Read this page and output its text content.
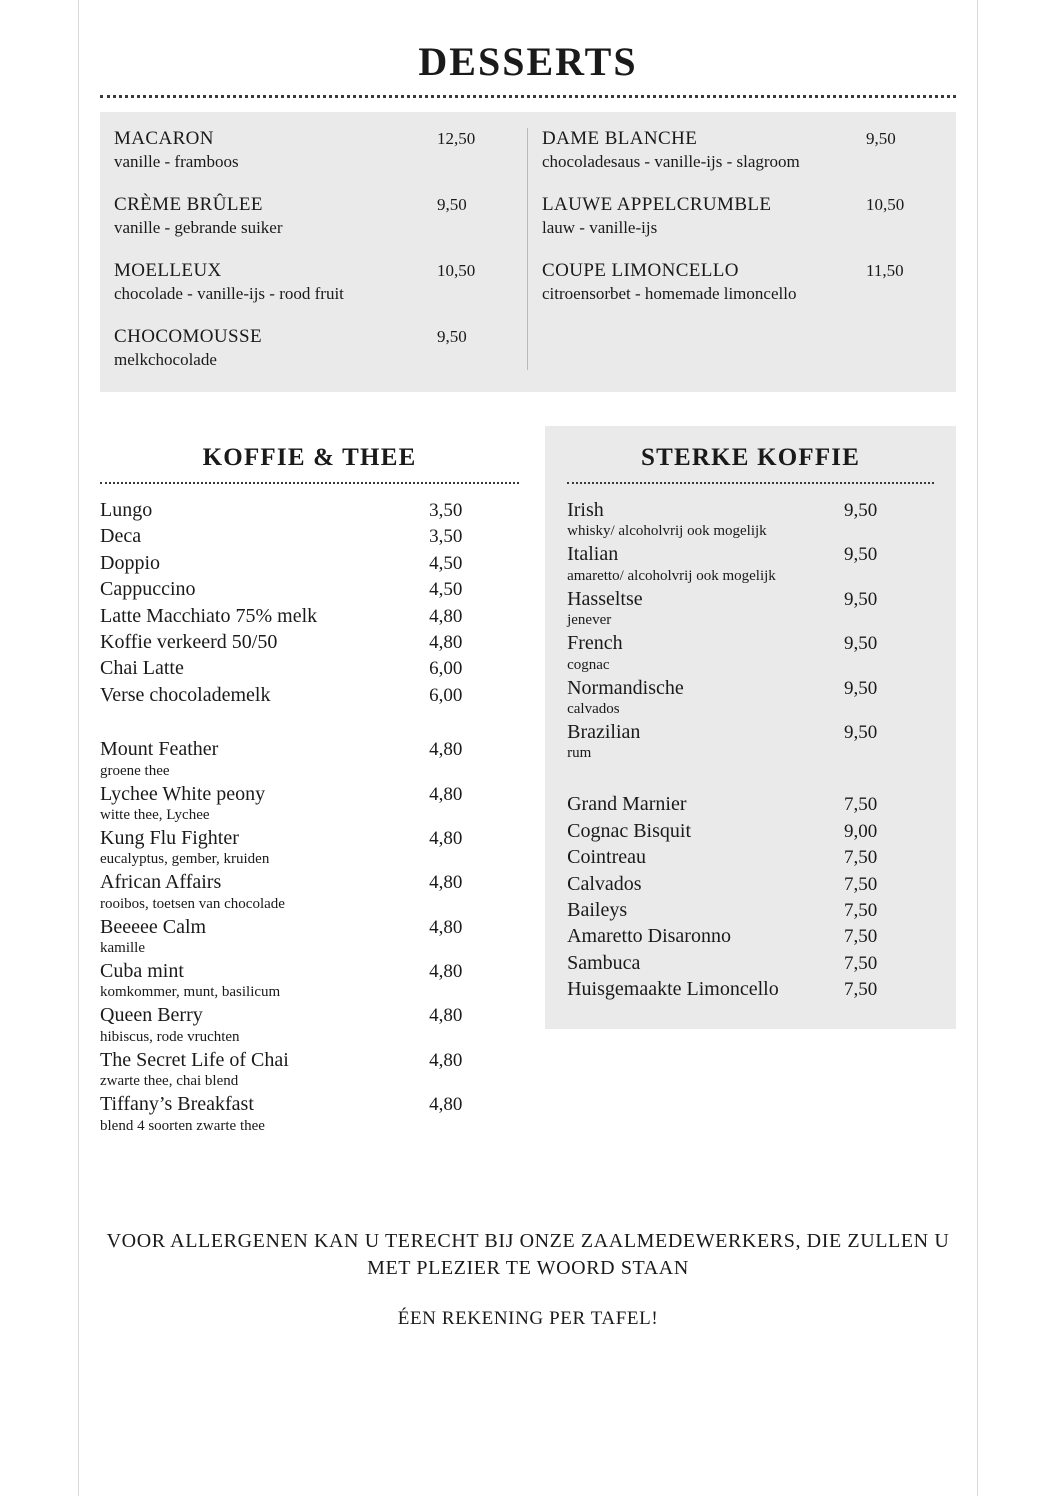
DESSERTS
MACARON	12,50
vanille - framboos
CRÈME BRÛLEE	9,50
vanille - gebrande suiker
MOELLEUX	10,50
chocolade - vanille-ijs - rood fruit
CHOCOMOUSSE	9,50
melkchocolade
DAME BLANCHE	9,50
chocoladesaus - vanille-ijs - slagroom
LAUWE APPELCRUMBLE	10,50
lauw - vanille-ijs
COUPE LIMONCELLO	11,50
citroensorbet - homemade limoncello
KOFFIE & THEE
Lungo	3,50
Deca	3,50
Doppio	4,50
Cappuccino	4,50
Latte Macchiato 75% melk	4,80
Koffie verkeerd 50/50	4,80
Chai Latte	6,00
Verse chocolademelk	6,00
Mount Feather	4,80
groene thee
Lychee White peony	4,80
witte thee, Lychee
Kung Flu Fighter	4,80
eucalyptus, gember, kruiden
African Affairs	4,80
rooibos, toetsen van chocolade
Beeeee Calm	4,80
kamille
Cuba mint	4,80
komkommer, munt, basilicum
Queen Berry	4,80
hibiscus, rode vruchten
The Secret Life of Chai	4,80
zwarte thee, chai blend
Tiffany’s Breakfast	4,80
blend 4 soorten zwarte thee
STERKE KOFFIE
Irish	9,50
whisky/ alcoholvrij ook mogelijk
Italian	9,50
amaretto/ alcoholvrij ook mogelijk
Hasseltse	9,50
jenever
French	9,50
cognac
Normandische	9,50
calvados
Brazilian	9,50
rum
Grand Marnier	7,50
Cognac Bisquit	9,00
Cointreau	7,50
Calvados	7,50
Baileys	7,50
Amaretto Disaronno	7,50
Sambuca	7,50
Huisgemaakte Limoncello	7,50
VOOR ALLERGENEN KAN U TERECHT BIJ ONZE ZAALMEDEWERKERS, DIE ZULLEN U MET PLEZIER TE WOORD STAAN
ÉEN REKENING PER TAFEL!
